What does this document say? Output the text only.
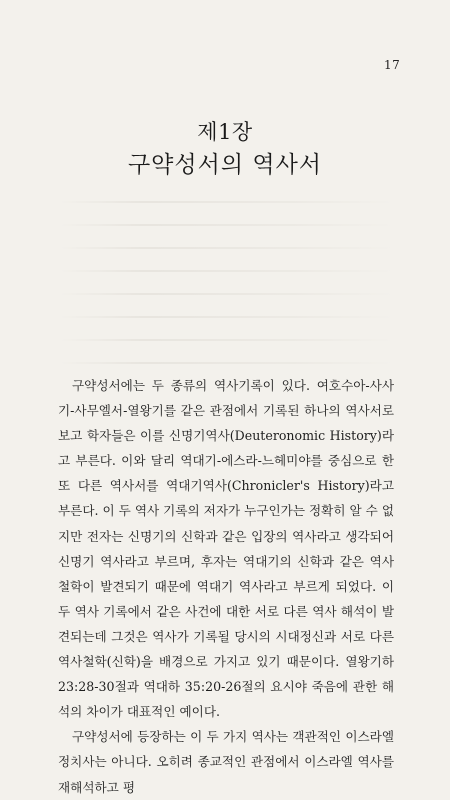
17
제1장
구약성서의 역사서

구약성서에는 두 종류의 역사기록이 있다. 여호수아-사사기-사무엘서-열왕기를 같은 관점에서 기록된 하나의 역사서로 보고 학자들은 이를 신명기역사(Deuteronomic History)라고 부른다. 이와 달리 역대기-에스라-느헤미야를 중심으로 한 또 다른 역사서를 역대기역사(Chronicler's History)라고 부른다. 이 두 역사 기록의 저자가 누구인가는 정확히 알 수 없지만 전자는 신명기의 신학과 같은 입장의 역사라고 생각되어 신명기 역사라고 부르며, 후자는 역대기의 신학과 같은 역사 철학이 발견되기 때문에 역대기 역사라고 부르게 되었다. 이 두 역사 기록에서 같은 사건에 대한 서로 다른 역사 해석이 발견되는데 그것은 역사가 기록될 당시의 시대정신과 서로 다른 역사철학(신학)을 배경으로 가지고 있기 때문이다. 열왕기하 23:28-30절과 역대하 35:20-26절의 요시야 죽음에 관한 해석의 차이가 대표적인 예이다.

구약성서에 등장하는 이 두 가지 역사는 객관적인 이스라엘 정치사는 아니다. 오히려 종교적인 관점에서 이스라엘 역사를 재해석하고 평
